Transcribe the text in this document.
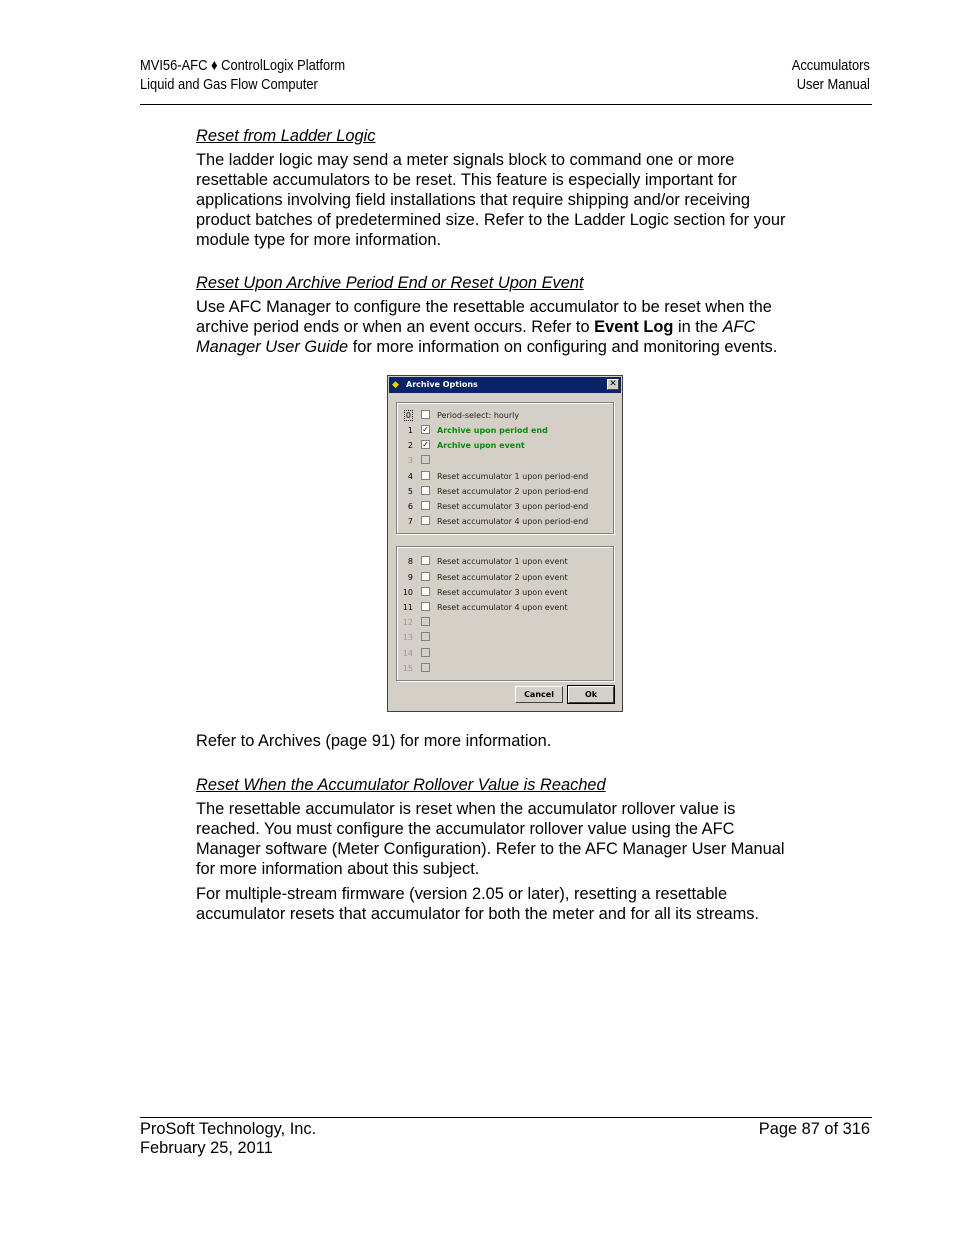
MVI56-AFC ♦ ControlLogix Platform
Liquid and Gas Flow Computer
Accumulators
User Manual

Reset from Ladder Logic

The ladder logic may send a meter signals block to command one or more
resettable accumulators to be reset. This feature is especially important for
applications involving field installations that require shipping and/or receiving
product batches of predetermined size. Refer to the Ladder Logic section for your
module type for more information.

Reset Upon Archive Period End or Reset Upon Event

Use AFC Manager to configure the resettable accumulator to be reset when the
archive period ends or when an event occurs. Refer to Event Log in the AFC
Manager User Guide for more information on configuring and monitoring events.
◆ Archive Options	✕
0	Period-select: hourly
1 ✓ Archive upon period end
2 ✓ Archive upon event
3
4	Reset accumulator 1 upon period-end
5	Reset accumulator 2 upon period-end
6	Reset accumulator 3 upon period-end
7	Reset accumulator 4 upon period-end
8	Reset accumulator 1 upon event
9	Reset accumulator 2 upon event
10	Reset accumulator 3 upon event
11	Reset accumulator 4 upon event
12
13
14
15
Cancel	Ok
Refer to Archives (page 91) for more information.

Reset When the Accumulator Rollover Value is Reached

The resettable accumulator is reset when the accumulator rollover value is
reached. You must configure the accumulator rollover value using the AFC
Manager software (Meter Configuration). Refer to the AFC Manager User Manual
for more information about this subject.
For multiple-stream firmware (version 2.05 or later), resetting a resettable
accumulator resets that accumulator for both the meter and for all its streams.
ProSoft Technology, Inc.
February 25, 2011
Page 87 of 316
